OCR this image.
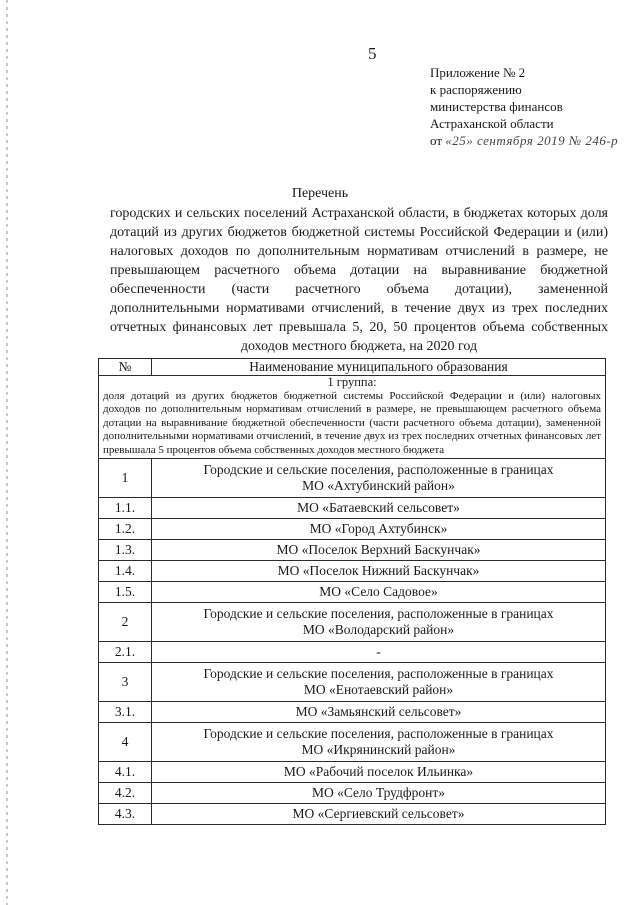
5
Приложение № 2
к распоряжению
министерства финансов
Астраханской области
от «25» сентября 2019 № 246-р
Перечень
городских и сельских поселений Астраханской области, в бюджетах которых доля дотаций из других бюджетов бюджетной системы Российской Федерации и (или) налоговых доходов по дополнительным нормативам отчислений в размере, не превышающем расчетного объема дотации на выравнивание бюджетной обеспеченности (части расчетного объема дотации), замененной дополнительными нормативами отчислений, в течение двух из трех последних отчетных финансовых лет превышала 5, 20, 50 процентов объема собственных доходов местного бюджета, на 2020 год
№	Наименование муниципального образования

1 группа:
доля дотаций из других бюджетов бюджетной системы Российской Федерации и (или) налоговых доходов по дополнительным нормативам отчислений в размере, не превышающем расчетного объема дотации на выравнивание бюджетной обеспеченности (части расчетного объема дотации), замененной дополнительными нормативами отчислений, в течение двух из трех последних отчетных финансовых лет превышала 5 процентов объема собственных доходов местного бюджета	

1	Городские и сельские поселения, расположенные в границах
МО «Ахтубинский район»

1.1.	МО «Батаевский сельсовет»

1.2.	МО «Город Ахтубинск»

1.3.	МО «Поселок Верхний Баскунчак»

1.4.	МО «Поселок Нижний Баскунчак»

1.5.	МО «Село Садовое»

2	Городские и сельские поселения, расположенные в границах
МО «Володарский район»

2.1.	-

3	Городские и сельские поселения, расположенные в границах
МО «Енотаевский район»

3.1.	МО «Замьянский сельсовет»

4	Городские и сельские поселения, расположенные в границах
МО «Икрянинский район»

4.1.	МО «Рабочий поселок Ильинка»

4.2.	МО «Село Трудфронт»

4.3.	МО «Сергиевский сельсовет»
